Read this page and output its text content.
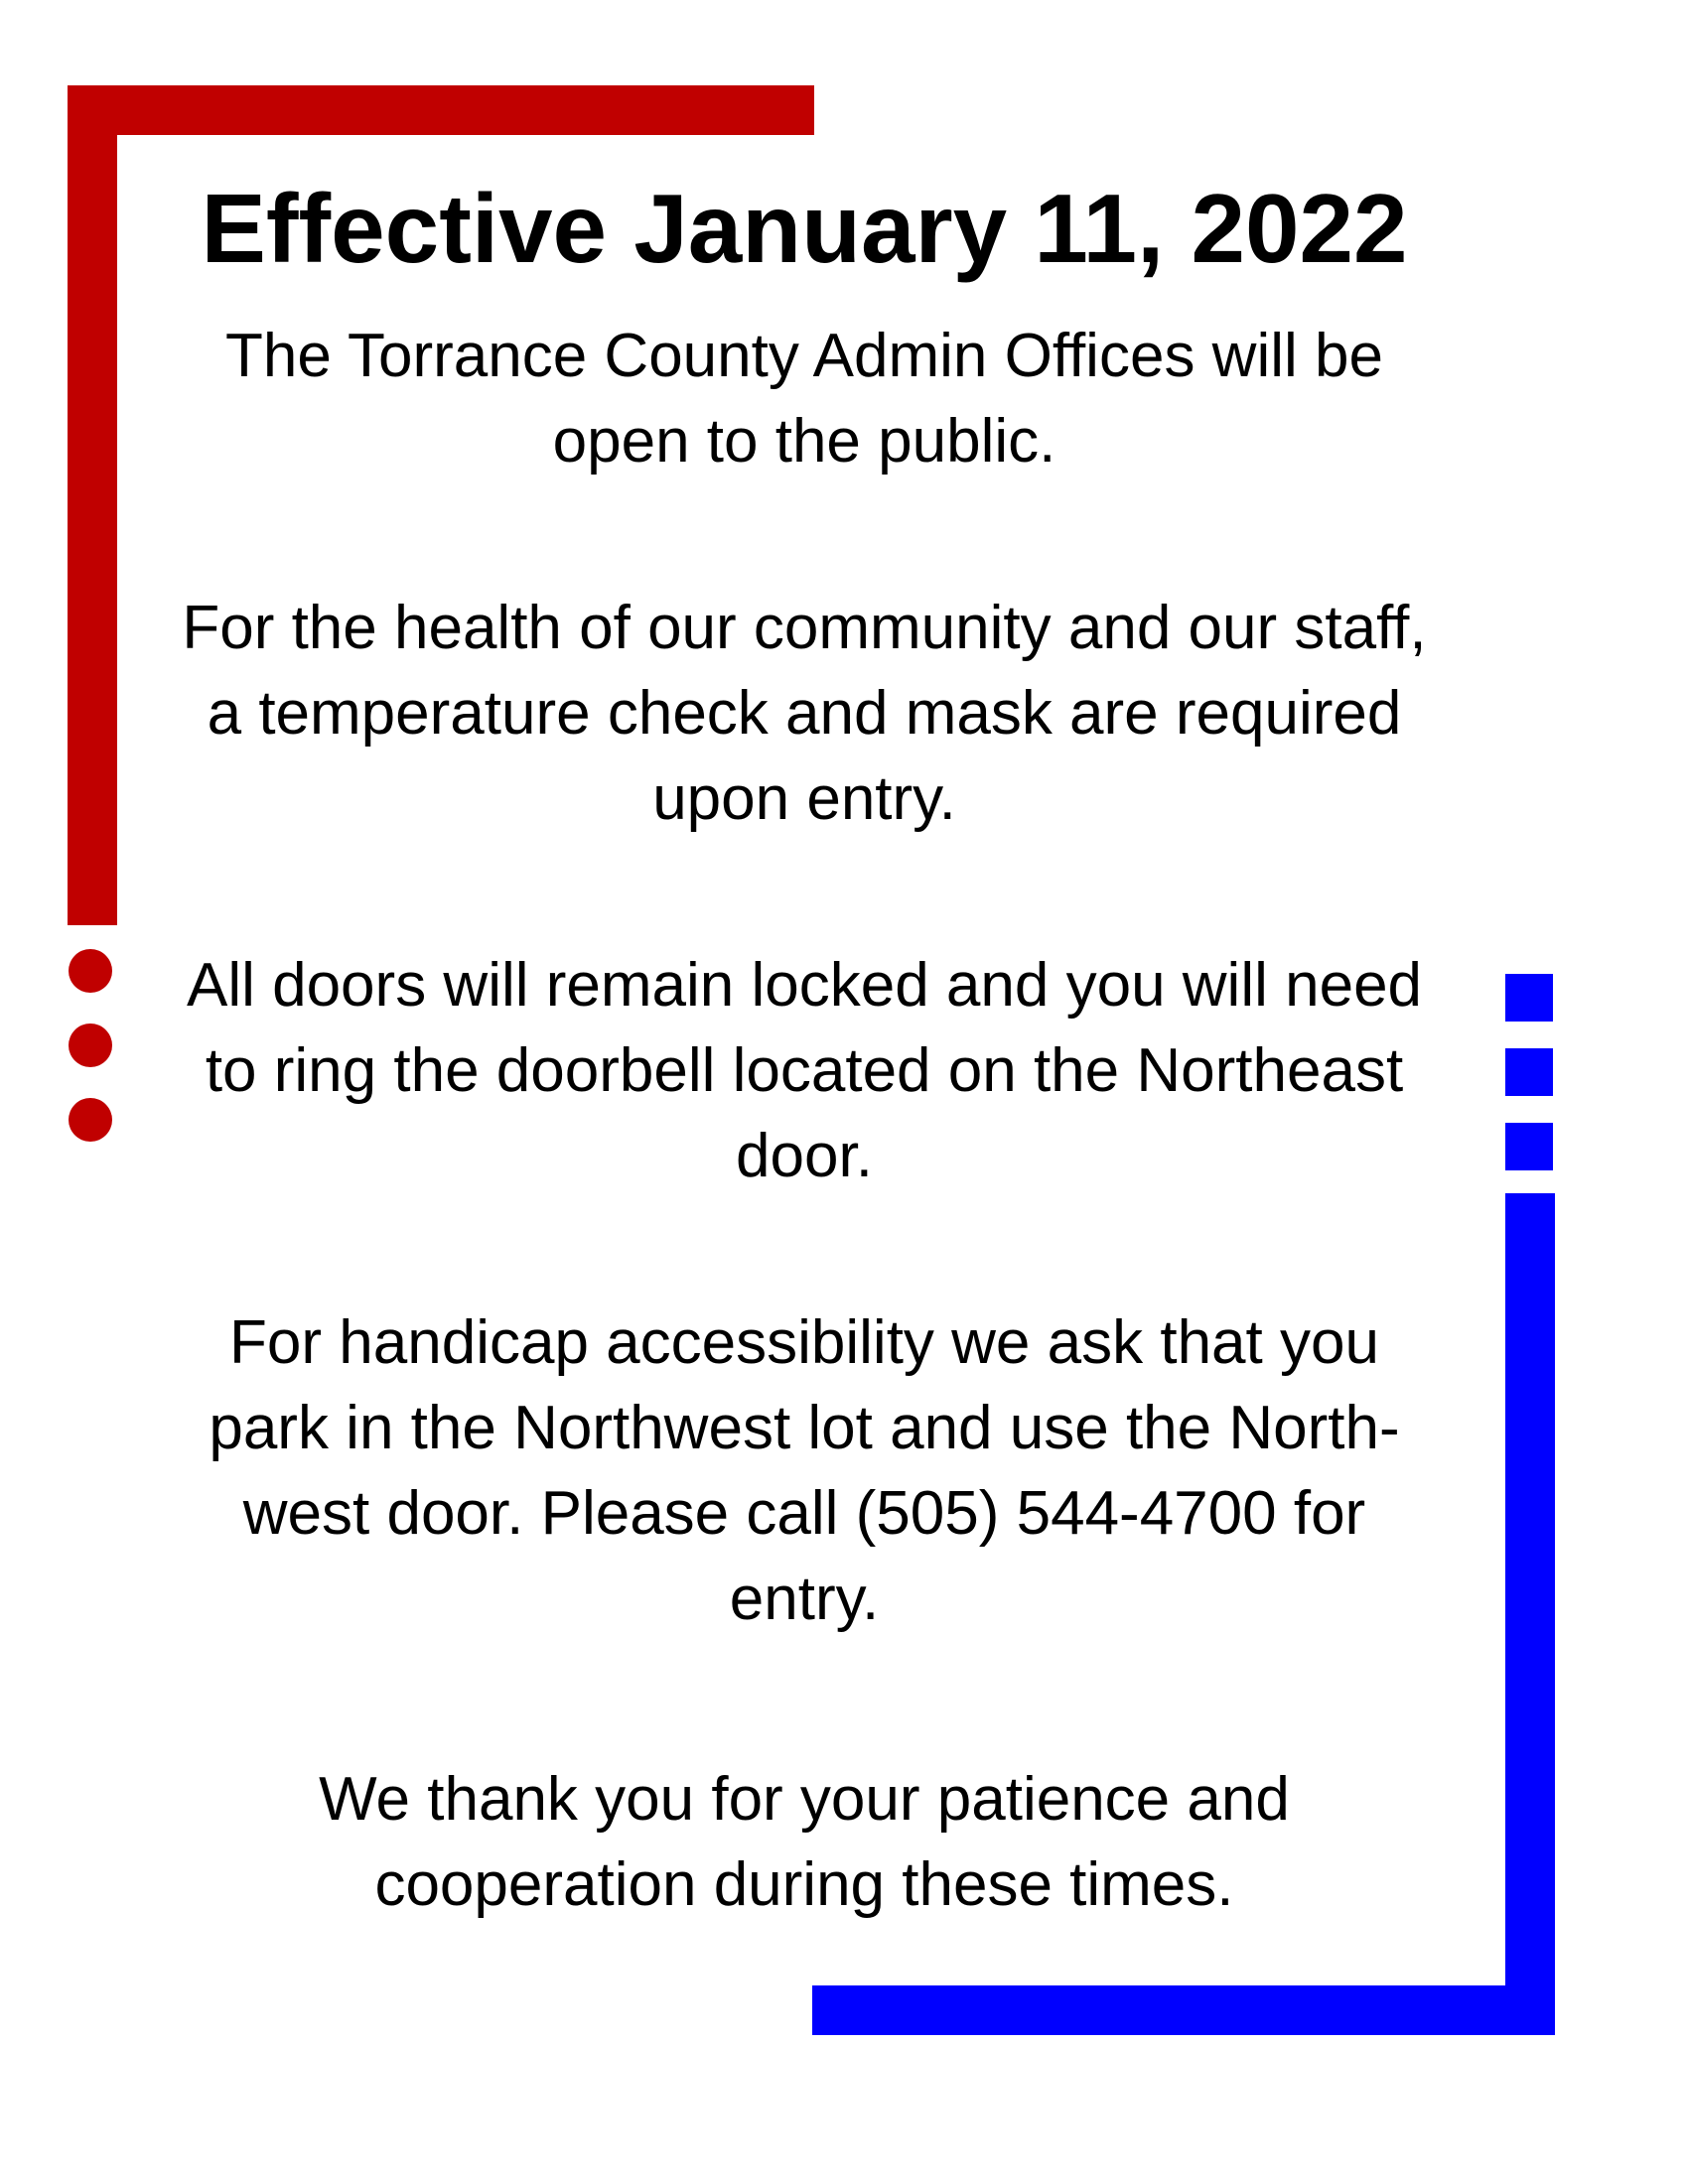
Effective January 11, 2022

The Torrance County Admin Offices will be
open to the public.

For the health of our community and our staff,
a temperature check and mask are required
upon entry.

All doors will remain locked and you will need
to ring the doorbell located on the Northeast
door.

For handicap accessibility we ask that you
park in the Northwest lot and use the North-
west door. Please call (505) 544-4700 for
entry.

We thank you for your patience and
cooperation during these times.
